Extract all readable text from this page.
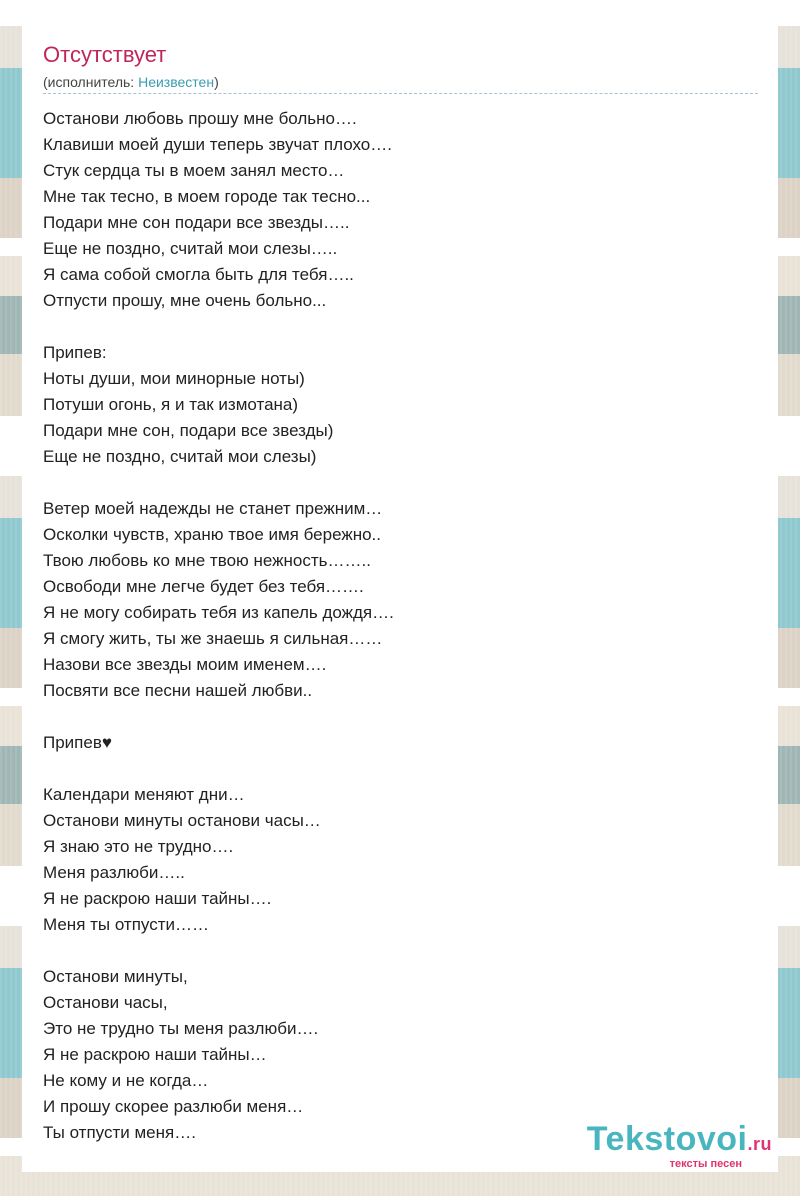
Отсутствует
(исполнитель: Неизвестен)
Останови любовь прошу мне больно….
Клавиши моей души теперь звучат плохо….
Стук сердца ты в моем занял место…
Мне так тесно, в моем городе так тесно...
Подари мне сон подари все звезды…..
Еще не поздно, считай мои слезы…..
Я сама собой смогла быть для тебя…..
Отпусти прошу, мне очень больно...
Припев:
Ноты души, мои минорные ноты)
Потуши огонь, я и так измотана)
Подари мне сон, подари все звезды)
Еще не поздно, считай мои слезы)
Ветер моей надежды не станет прежним…
Осколки чувств, храню твое имя бережно..
Твою любовь ко мне твою нежность……..
Освободи мне легче будет без тебя…….
Я не могу собирать тебя из капель дождя….
Я смогу жить, ты же знаешь я сильная……
Назови все звезды моим именем….
Посвяти все песни нашей любви..
Припев♥
Календари меняют дни…
Останови минуты останови часы…
Я знаю это не трудно….
Меня разлюби…..
Я не раскрою наши тайны….
Меня ты отпусти……
Останови минуты,
Останови часы,
Это не трудно ты меня разлюби….
Я не раскрою наши тайны…
Не кому и не когда…
И прошу скорее разлюби меня…
Ты отпусти меня….	Tekstovoi.ru
тексты песен
